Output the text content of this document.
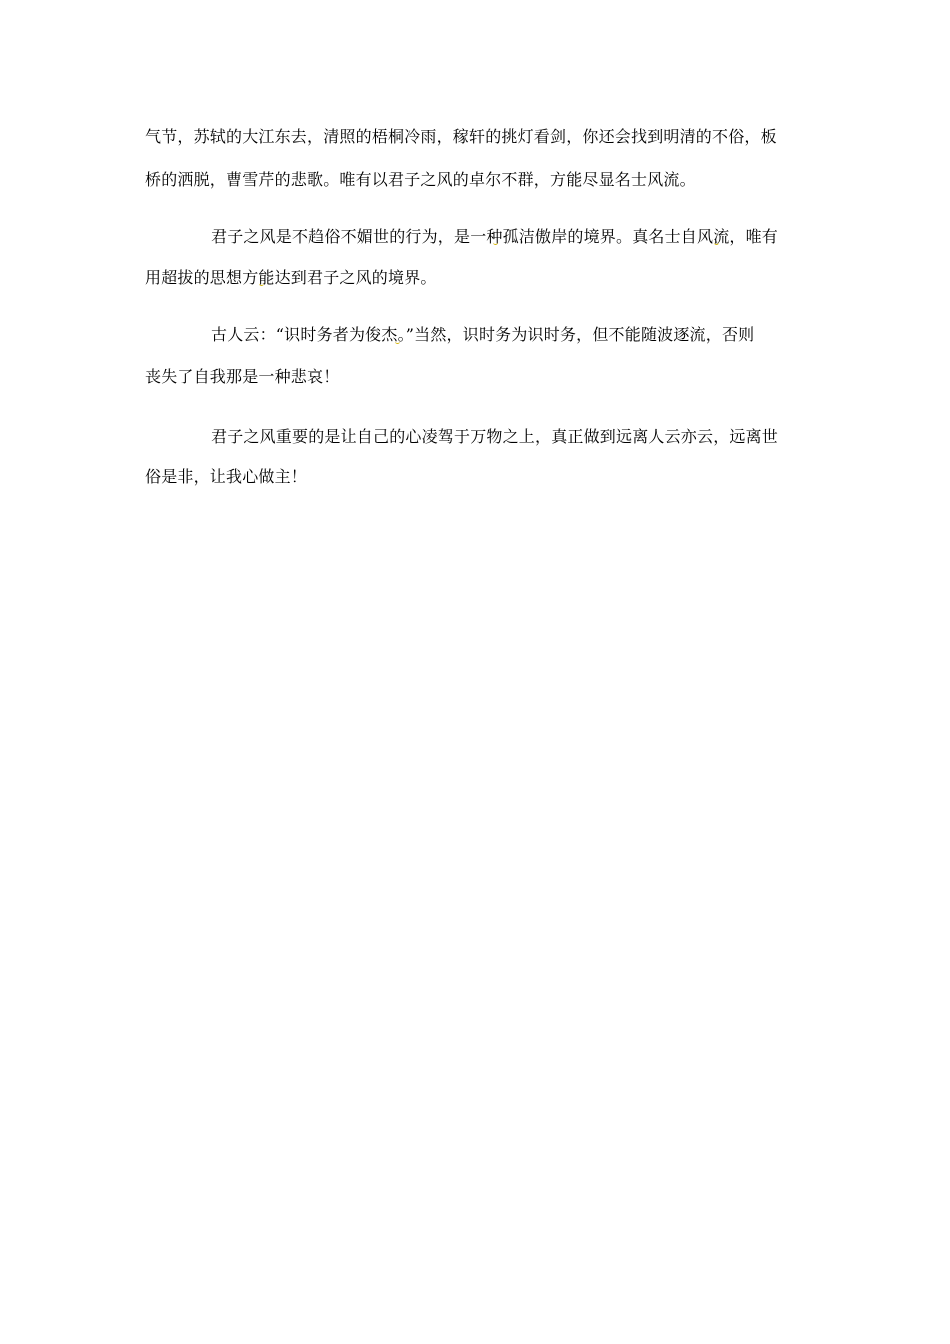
气节，苏轼的大江东去，清照的梧桐冷雨，稼轩的挑灯看剑，你还会找到明清的不俗，板
桥的洒脱，曹雪芹的悲歌。唯有以君子之风的卓尔不群，方能尽显名士风流。
君子之风是不趋俗不媚世的行为，是一种孤洁傲岸的境界。真名士自风流，唯有
用超拔的思想方能达到君子之风的境界。
古人云：“识时务者为俊杰。”当然，识时务为识时务，但不能随波逐流，否则
丧失了自我那是一种悲哀！
君子之风重要的是让自己的心凌驾于万物之上，真正做到远离人云亦云，远离世
俗是非，让我心做主！
